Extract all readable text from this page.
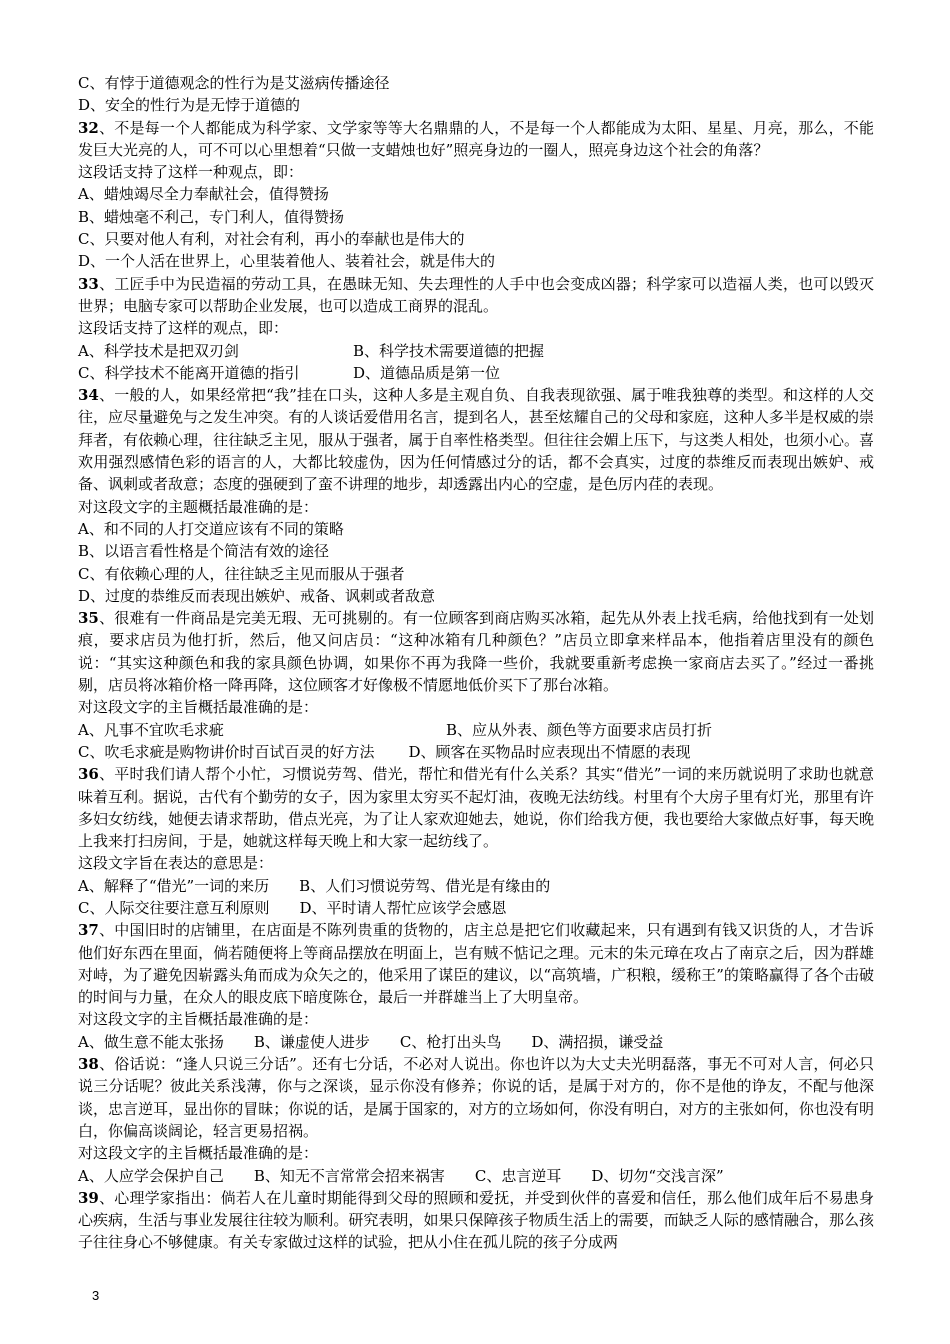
C、有悖于道德观念的性行为是艾滋病传播途径
D、安全的性行为是无悖于道德的
32、不是每一个人都能成为科学家、文学家等等大名鼎鼎的人，不是每一个人都能成为太阳、星星、月亮，那么，不能发巨大光亮的人，可不可以心里想着“只做一支蜡烛也好”照亮身边的一圈人，照亮身边这个社会的角落？
这段话支持了这样一种观点，即：
A、蜡烛竭尽全力奉献社会，值得赞扬
B、蜡烛毫不利己，专门利人，值得赞扬
C、只要对他人有利，对社会有利，再小的奉献也是伟大的
D、一个人活在世界上，心里装着他人、装着社会，就是伟大的
33、工匠手中为民造福的劳动工具，在愚昧无知、失去理性的人手中也会变成凶器；科学家可以造福人类，也可以毁灭世界；电脑专家可以帮助企业发展，也可以造成工商界的混乱。
这段话支持了这样的观点，即：
A、科学技术是把双刃剑	B、科学技术需要道德的把握
C、科学技术不能离开道德的指引	D、道德品质是第一位
34、一般的人，如果经常把“我”挂在口头，这种人多是主观自负、自我表现欲强、属于唯我独尊的类型。和这样的人交往，应尽量避免与之发生冲突。有的人谈话爱借用名言，提到名人，甚至炫耀自己的父母和家庭，这种人多半是权威的崇拜者，有依赖心理，往往缺乏主见，服从于强者，属于自率性格类型。但往往会媚上压下，与这类人相处，也须小心。喜欢用强烈感情色彩的语言的人，大都比较虚伪，因为任何情感过分的话，都不会真实，过度的恭维反而表现出嫉妒、戒备、讽刺或者敌意；态度的强硬到了蛮不讲理的地步，却透露出内心的空虚，是色厉内荏的表现。
对这段文字的主题概括最准确的是：
A、和不同的人打交道应该有不同的策略
B、以语言看性格是个简洁有效的途径
C、有依赖心理的人，往往缺乏主见而服从于强者
D、过度的恭维反而表现出嫉妒、戒备、讽刺或者敌意
35、很难有一件商品是完美无瑕、无可挑剔的。有一位顾客到商店购买冰箱，起先从外表上找毛病，给他找到有一处划痕，要求店员为他打折，然后，他又问店员：“这种冰箱有几种颜色？”店员立即拿来样品本，他指着店里没有的颜色说：“其实这种颜色和我的家具颜色协调，如果你不再为我降一些价，我就要重新考虑换一家商店去买了。”经过一番挑剔，店员将冰箱价格一降再降，这位顾客才好像极不情愿地低价买下了那台冰箱。
对这段文字的主旨概括最准确的是：
A、凡事不宜吹毛求疵	B、应从外表、颜色等方面要求店员打折
C、吹毛求疵是购物讲价时百试百灵的好方法 D、顾客在买物品时应表现出不情愿的表现
36、平时我们请人帮个小忙，习惯说劳驾、借光，帮忙和借光有什么关系？其实“借光”一词的来历就说明了求助也就意味着互利。据说，古代有个勤劳的女子，因为家里太穷买不起灯油，夜晚无法纺线。村里有个大房子里有灯光，那里有许多妇女纺线，她便去请求帮助，借点光亮，为了让人家欢迎她去，她说，你们给我方便，我也要给大家做点好事，每天晚上我来打扫房间，于是，她就这样每天晚上和大家一起纺线了。
这段文字旨在表达的意思是：
A、解释了“借光”一词的来历 B、人们习惯说劳驾、借光是有缘由的
C、人际交往要注意互利原则 D、平时请人帮忙应该学会感恩
37、中国旧时的店铺里，在店面是不陈列贵重的货物的，店主总是把它们收藏起来，只有遇到有钱又识货的人，才告诉他们好东西在里面，倘若随便将上等商品摆放在明面上，岂有贼不惦记之理。元末的朱元璋在攻占了南京之后，因为群雄对峙，为了避免因崭露头角而成为众矢之的，他采用了谋臣的建议，以“高筑墙，广积粮，缓称王”的策略赢得了各个击破的时间与力量，在众人的眼皮底下暗度陈仓，最后一并群雄当上了大明皇帝。
对这段文字的主旨概括最准确的是：
A、做生意不能太张扬 B、谦虚使人进步 C、枪打出头鸟 D、满招损，谦受益
38、俗话说：“逢人只说三分话”。还有七分话，不必对人说出。你也许以为大丈夫光明磊落，事无不可对人言，何必只说三分话呢？彼此关系浅薄，你与之深谈，显示你没有修养；你说的话，是属于对方的，你不是他的诤友，不配与他深谈，忠言逆耳，显出你的冒昧；你说的话，是属于国家的，对方的立场如何，你没有明白，对方的主张如何，你也没有明白，你偏高谈阔论，轻言更易招祸。
对这段文字的主旨概括最准确的是：
A、人应学会保护自己 B、知无不言常常会招来祸害 C、忠言逆耳 D、切勿“交浅言深”
39、心理学家指出：倘若人在儿童时期能得到父母的照顾和爱抚，并受到伙伴的喜爱和信任，那么他们成年后不易患身心疾病，生活与事业发展往往较为顺利。研究表明，如果只保障孩子物质生活上的需要，而缺乏人际的感情融合，那么孩子往往身心不够健康。有关专家做过这样的试验，把从小住在孤儿院的孩子分成两
3
